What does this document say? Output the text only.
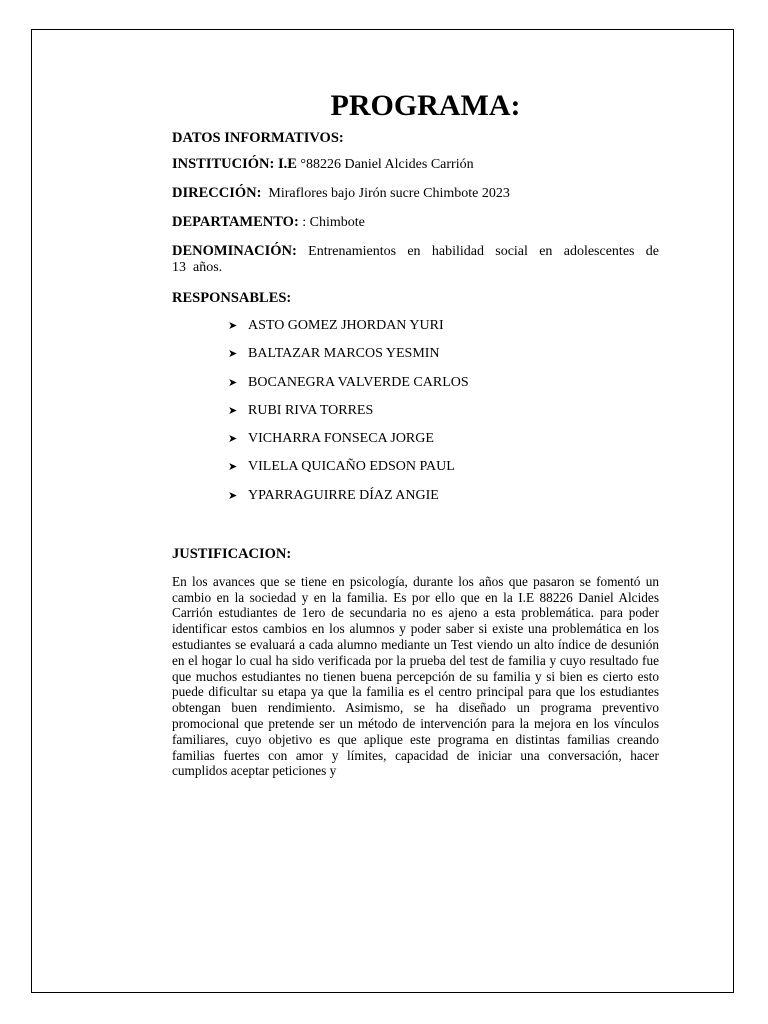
PROGRAMA:
DATOS INFORMATIVOS:
INSTITUCIÓN: I.E °88226 Daniel Alcides Carrión
DIRECCIÓN: Miraflores bajo Jirón sucre Chimbote 2023
DEPARTAMENTO: : Chimbote
DENOMINACIÓN: Entrenamientos en habilidad social en adolescentes de
13  años.
RESPONSABLES:
➤ ASTO GOMEZ JHORDAN YURI
➤ BALTAZAR MARCOS YESMIN
➤ BOCANEGRA VALVERDE CARLOS
➤ RUBI RIVA TORRES
➤ VICHARRA FONSECA JORGE
➤ VILELA QUICAÑO EDSON PAUL
➤ YPARRAGUIRRE DÍAZ ANGIE
JUSTIFICACION:

En los avances que se tiene en psicología, durante los años que pasaron se fomentó un cambio en la sociedad y en la familia. Es por ello que en la I.E 88226 Daniel Alcides Carrión estudiantes de 1ero de secundaria no es ajeno a esta problemática. para poder identificar estos cambios en los alumnos y poder saber si existe una problemática en los estudiantes se evaluará a cada alumno mediante un Test viendo un alto índice de desunión en el hogar lo cual ha sido verificada por la prueba del test de familia y cuyo resultado fue que muchos estudiantes no tienen buena percepción de su familia y si bien es cierto esto puede dificultar su etapa ya que la familia es el centro principal para que los estudiantes obtengan buen rendimiento. Asimismo, se ha diseñado un programa preventivo promocional que pretende ser un método de intervención para la mejora en los vínculos familiares, cuyo objetivo es que aplique este programa en distintas familias creando familias fuertes con amor y límites, capacidad de iniciar una conversación, hacer cumplidos aceptar peticiones y
